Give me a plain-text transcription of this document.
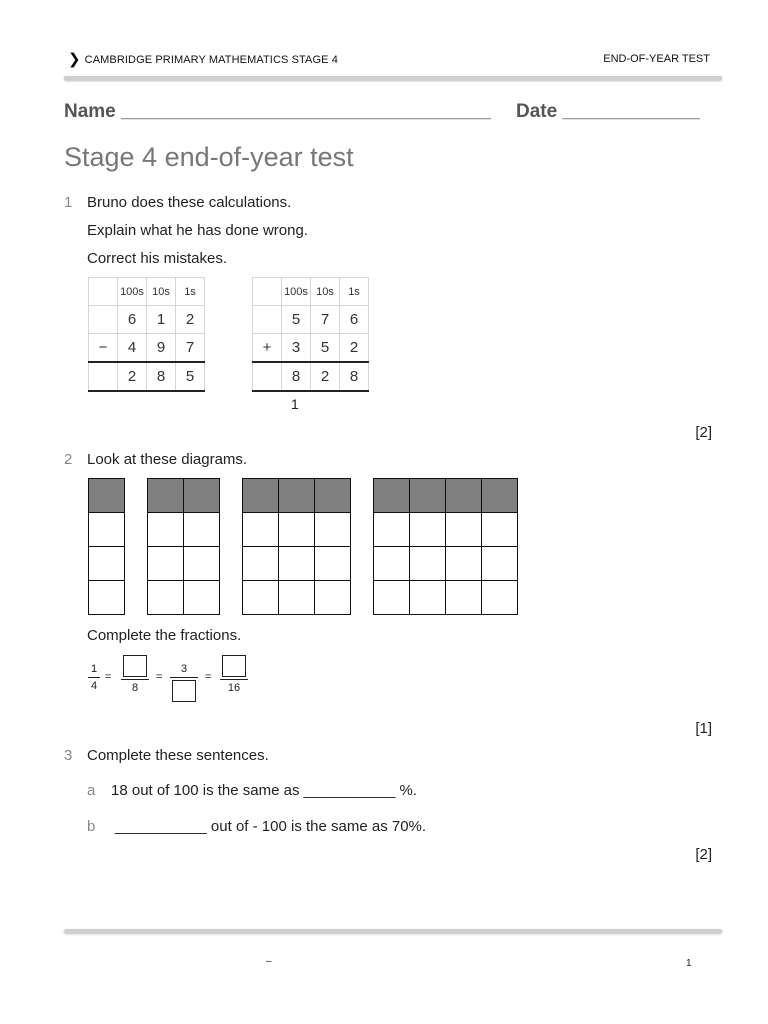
❯ CAMBRIDGE PRIMARY MATHEMATICS STAGE 4	END-OF-YEAR TEST
Name ___________________________________ Date _____________
Stage 4 end-of-year test
1 Bruno does these calculations.
Explain what he has done wrong.
Correct his mistakes.
	100s	10s	1s
	6	1	2
−	4	9	7
	2	8	5
	100s	10s	1s
	5	7	6
+	3	5	2
	8	2	8
1
[2]
2 Look at these diagrams.

Complete the fractions.
1
4
=
8
=
3
=
16
[1]
3 Complete these sentences.
a 18 out of 100 is the same as ___________ %.
b ___________ out of - 100 is the same as 70%.
[2]
–	1
